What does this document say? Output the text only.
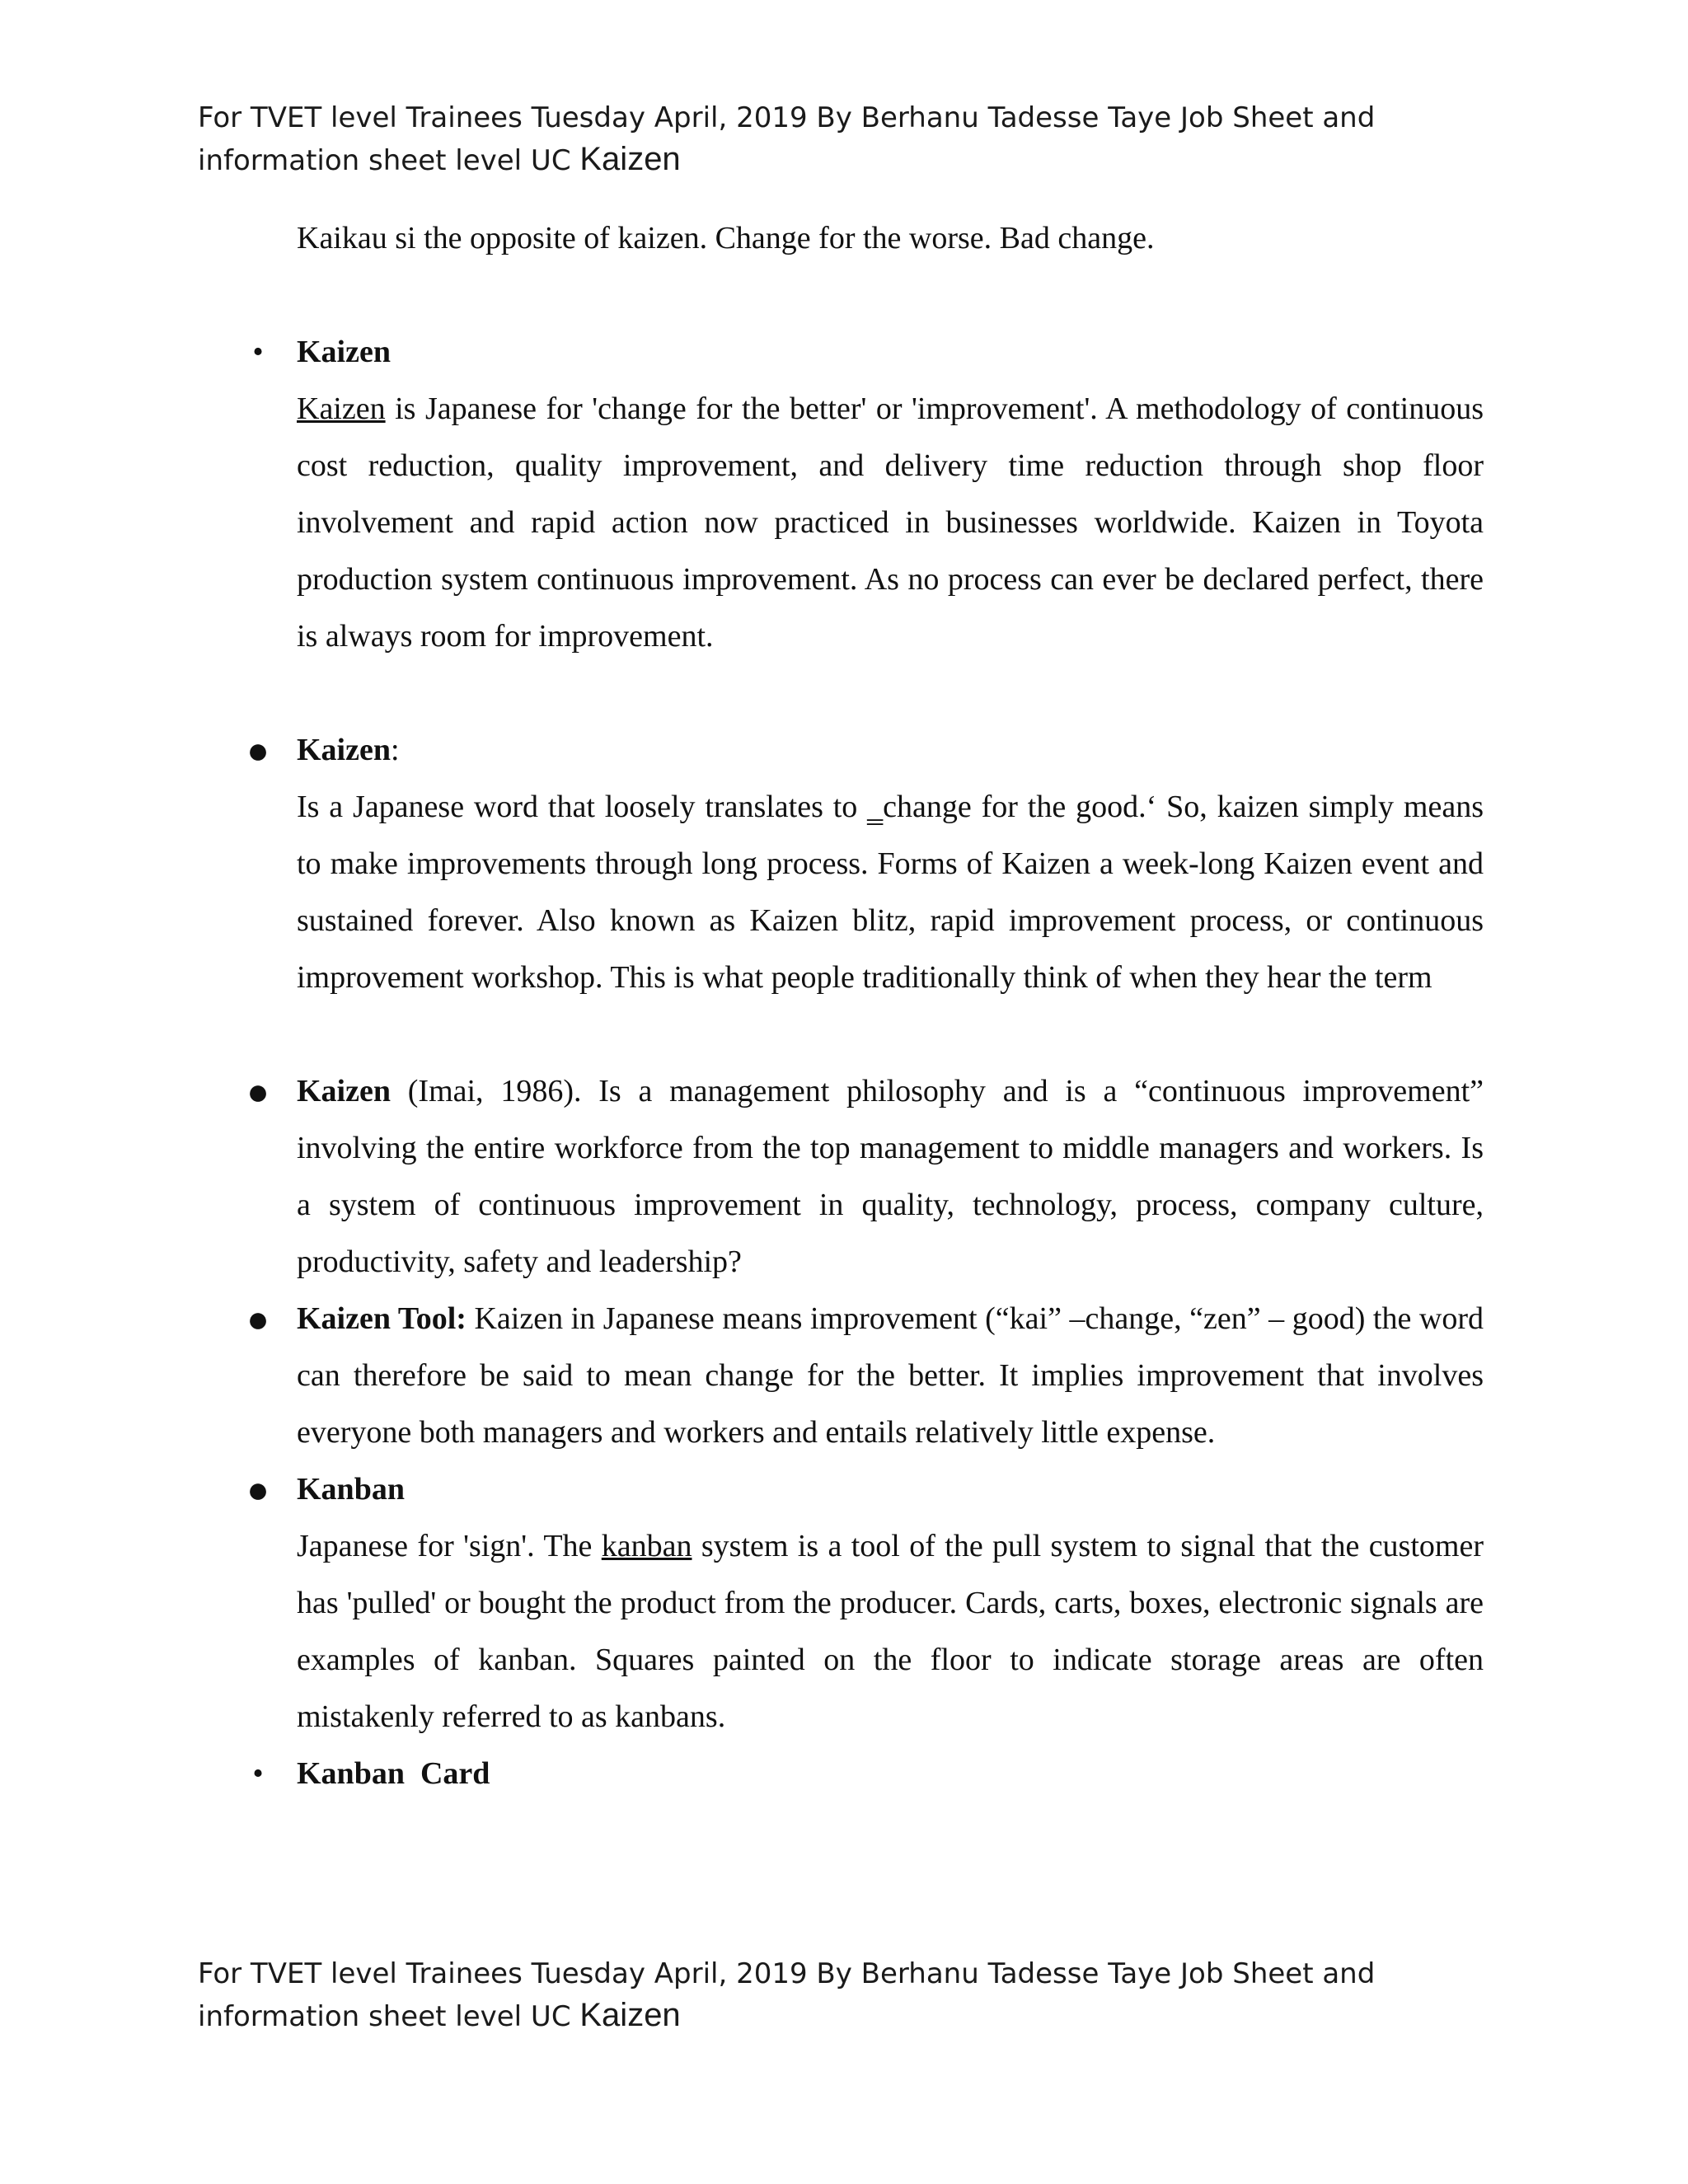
For TVET level Trainees Tuesday April, 2019 By Berhanu Tadesse Taye Job Sheet and
information sheet level UC Kaizen

Kaikau si the opposite of kaizen. Change for the worse. Bad change.

• Kaizen

Kaizen is Japanese for 'change for the better' or 'improvement'. A methodology of continuous cost reduction, quality improvement, and delivery time reduction through shop floor involvement and rapid action now practiced in businesses worldwide. Kaizen in Toyota production system continuous improvement. As no process can ever be declared perfect, there is always room for improvement.

● Kaizen:

Is a Japanese word that loosely translates to ‗change for the good.‘ So, kaizen simply means to make improvements through long process. Forms of Kaizen a week-long Kaizen event and sustained forever. Also known as Kaizen blitz, rapid improvement process, or continuous improvement workshop. This is what people traditionally think of when they hear the term

● Kaizen (Imai, 1986). Is a management philosophy and is a “continuous improvement” involving the entire workforce from the top management to middle managers and workers. Is a system of continuous improvement in quality, technology, process, company culture, productivity, safety and leadership?

● Kaizen Tool: Kaizen in Japanese means improvement (“kai” –change, “zen” – good) the word can therefore be said to mean change for the better. It implies improvement that involves everyone both managers and workers and entails relatively little expense.

● Kanban

Japanese for 'sign'. The kanban system is a tool of the pull system to signal that the customer has 'pulled' or bought the product from the producer. Cards, carts, boxes, electronic signals are examples of kanban. Squares painted on the floor to indicate storage areas are often mistakenly referred to as kanbans.

• Kanban  Card

For TVET level Trainees Tuesday April, 2019 By Berhanu Tadesse Taye Job Sheet and
information sheet level UC Kaizen
